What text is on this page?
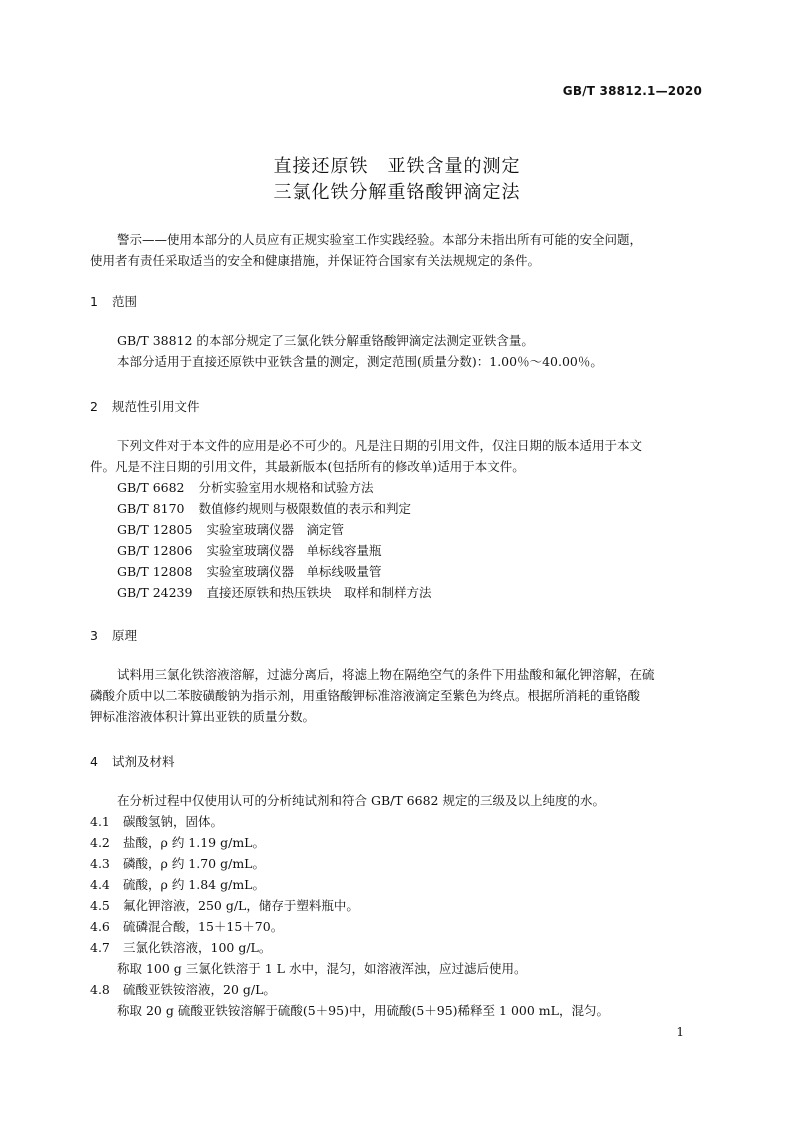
GB/T 38812.1—2020
直接还原铁　亚铁含量的测定
三氯化铁分解重铬酸钾滴定法

警示——使用本部分的人员应有正规实验室工作实践经验。本部分未指出所有可能的安全问题，

使用者有责任采取适当的安全和健康措施，并保证符合国家有关法规规定的条件。

1 范围

GB/T 38812 的本部分规定了三氯化铁分解重铬酸钾滴定法测定亚铁含量。

本部分适用于直接还原铁中亚铁含量的测定，测定范围(质量分数)：1.00％～40.00％。

2 规范性引用文件

下列文件对于本文件的应用是必不可少的。凡是注日期的引用文件，仅注日期的版本适用于本文

件。凡是不注日期的引用文件，其最新版本(包括所有的修改单)适用于本文件。

GB/T 6682 分析实验室用水规格和试验方法

GB/T 8170 数值修约规则与极限数值的表示和判定

GB/T 12805 实验室玻璃仪器　滴定管

GB/T 12806 实验室玻璃仪器　单标线容量瓶

GB/T 12808 实验室玻璃仪器　单标线吸量管

GB/T 24239 直接还原铁和热压铁块　取样和制样方法

3 原理

试料用三氯化铁溶液溶解，过滤分离后，将滤上物在隔绝空气的条件下用盐酸和氟化钾溶解，在硫

磷酸介质中以二苯胺磺酸钠为指示剂，用重铬酸钾标准溶液滴定至紫色为终点。根据所消耗的重铬酸

钾标准溶液体积计算出亚铁的质量分数。

4 试剂及材料

在分析过程中仅使用认可的分析纯试剂和符合 GB/T 6682 规定的三级及以上纯度的水。

4.1 碳酸氢钠，固体。

4.2 盐酸，ρ 约 1.19 g/mL。

4.3 磷酸，ρ 约 1.70 g/mL。

4.4 硫酸，ρ 约 1.84 g/mL。

4.5 氟化钾溶液，250 g/L，储存于塑料瓶中。

4.6 硫磷混合酸，15＋15＋70。

4.7 三氯化铁溶液，100 g/L。

称取 100 g 三氯化铁溶于 1 L 水中，混匀，如溶液浑浊，应过滤后使用。

4.8 硫酸亚铁铵溶液，20 g/L。

称取 20 g 硫酸亚铁铵溶解于硫酸(5＋95)中，用硫酸(5＋95)稀释至 1 000 mL，混匀。

1
